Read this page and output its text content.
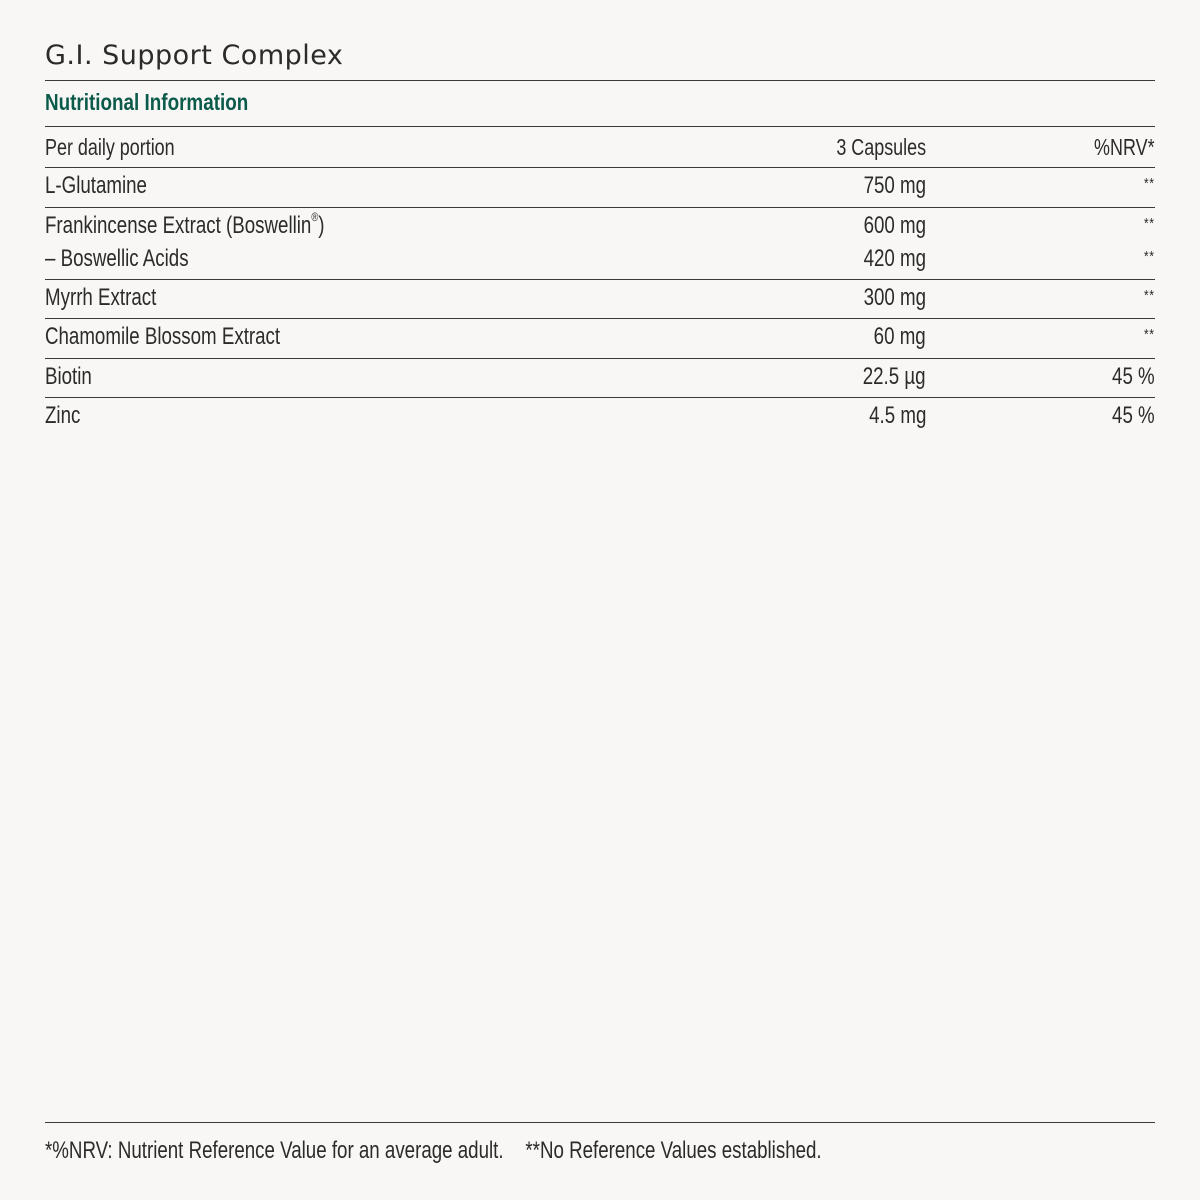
G.I. Support Complex
Nutritional Information
Per daily portion	3 Capsules	%NRV*
L-Glutamine	750 mg	**
Frankincense Extract (Boswellin®)	600 mg	**
– Boswellic Acids	420 mg	**
Myrrh Extract	300 mg	**
Chamomile Blossom Extract	60 mg	**
Biotin	22.5 µg	45 %
Zinc	4.5 mg	45 %
*%NRV: Nutrient Reference Value for an average adult. **No Reference Values established.
